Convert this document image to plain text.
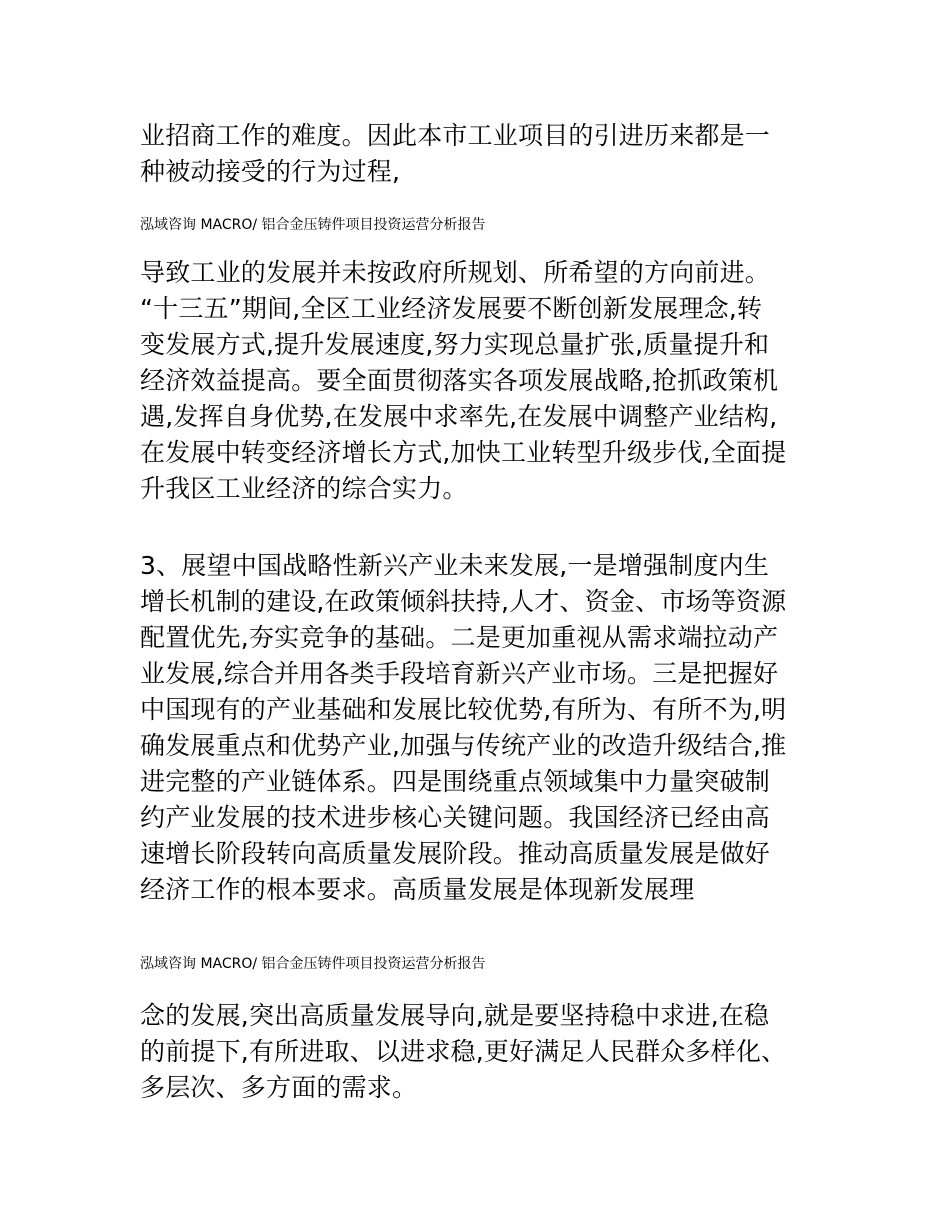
业招商工作的难度。因此本市工业项目的引进历来都是一
种被动接受的行为过程,
泓域咨询 MACRO/ 铝合金压铸件项目投资运营分析报告
导致工业的发展并未按政府所规划、所希望的方向前进。
“十三五”期间,全区工业经济发展要不断创新发展理念,转
变发展方式,提升发展速度,努力实现总量扩张,质量提升和
经济效益提高。要全面贯彻落实各项发展战略,抢抓政策机
遇,发挥自身优势,在发展中求率先,在发展中调整产业结构,
在发展中转变经济增长方式,加快工业转型升级步伐,全面提
升我区工业经济的综合实力。
3、展望中国战略性新兴产业未来发展,一是增强制度内生
增长机制的建设,在政策倾斜扶持,人才、资金、市场等资源
配置优先,夯实竞争的基础。二是更加重视从需求端拉动产
业发展,综合并用各类手段培育新兴产业市场。三是把握好
中国现有的产业基础和发展比较优势,有所为、有所不为,明
确发展重点和优势产业,加强与传统产业的改造升级结合,推
进完整的产业链体系。四是围绕重点领域集中力量突破制
约产业发展的技术进步核心关键问题。我国经济已经由高
速增长阶段转向高质量发展阶段。推动高质量发展是做好
经济工作的根本要求。高质量发展是体现新发展理
泓域咨询 MACRO/ 铝合金压铸件项目投资运营分析报告
念的发展,突出高质量发展导向,就是要坚持稳中求进,在稳
的前提下,有所进取、以进求稳,更好满足人民群众多样化、
多层次、多方面的需求。
